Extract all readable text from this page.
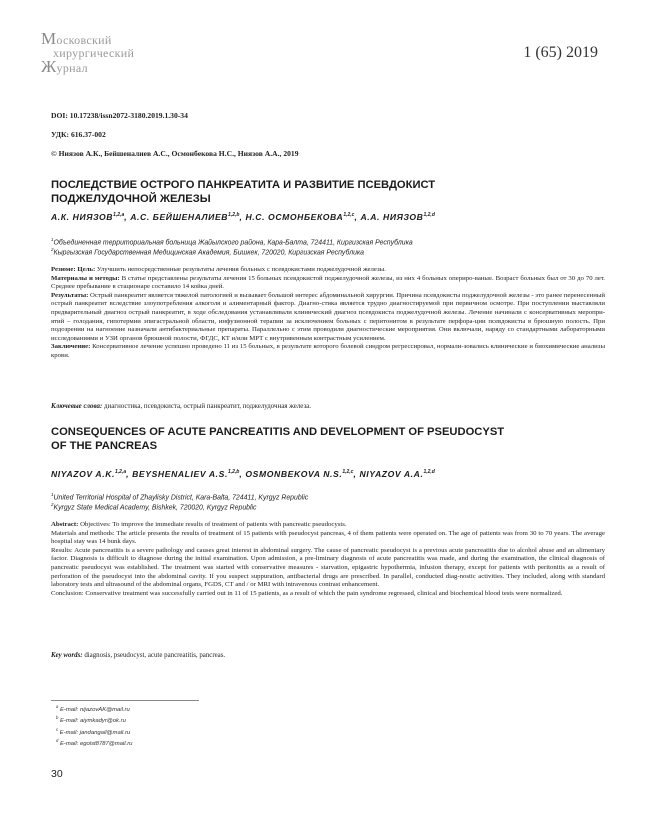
Московский
хирургический
Журнал
1 (65) 2019
DOI: 10.17238/issn2072-3180.2019.1.30-34
УДК: 616.37-002
© Ниязов А.К., Бейшеналиев А.С., Осмонбекова Н.С., Ниязов А.А., 2019
ПОСЛЕДСТВИЕ ОСТРОГО ПАНКРЕАТИТА И РАЗВИТИЕ ПСЕВДОКИСТ
ПОДЖЕЛУДОЧНОЙ ЖЕЛЕЗЫ
А.К. НИЯЗОВ$^{1,2,a}$, А.С. БЕЙШЕНАЛИЕВ$^{1,2,b}$, Н.С. ОСМОНБЕКОВА$^{1,2,c}$, А.А. НИЯЗОВ$^{1,2,d}$
$^1$Объединенная территориальная больница Жайылского района, Кара-Балта, 724411, Киргизская Республика
$^2$Кыргызская Государственная Медицинская Академия, Бишкек, 720020, Киргизская Республика
Резюме: Цель: Улучшить непосредственные результаты лечения больных с псевдокистами поджелудочной железы.
Материалы и методы: В статье представлены результаты лечения 15 больных псевдокистой поджелудочной железы, из них 4 больных опериро-ваные. Возраст больных был от 30 до 70 лет. Среднее пребывание в стационаре составило 14 койка дней.
Результаты: Острый панкреатит является тяжелой патологией и вызывает большой интерес абдоминальной хирургии. Причина псевдокисты поджелудочной железы - это ранее перенесенный острый панкреатит вследствие злоупотребления алкоголя и алиментарный фактор. Диагно-стика является трудно диагностируемой при первичном осмотре. При поступлении выставляли предварительный диагноз острый панкреатит, в ходе обследования устанавливали клинический диагноз псевдокиста поджелудочной железы. Лечение начинали с консервативных меропри-ятий – голодания, гипотермии эпигастральной области, инфузионной терапии за исключением больных с перитонитом в результате перфора-ции псевдокисты в брюшную полость. При подозрении на нагноение назначали антибактериальные препараты. Параллельно с этим проводили диагностические мероприятия. Они включали, наряду со стандартными лабораторными исследованиями и УЗИ органов брюшной полости, ФГДС, КТ и/или МРТ с внутривенным контрастным усилением.
Заключение: Консервативное лечение успешно проведено 11 из 15 больных, в результате которого болевой синдром регрессировал, нормали-зовались клинические и биохимические анализы крови.
Ключевые слова: диагностика, псевдокиста, острый панкреатит, поджелудочная железа.
CONSEQUENCES OF ACUTE PANCREATITIS AND DEVELOPMENT OF PSEUDOCYST
OF THE PANCREAS
NIYAZOV A.K.$^{1,2,a}$, BEYSHENALIEV A.S.$^{1,2,b}$, OSMONBEKOVA N.S.$^{1,2,c}$, NIYAZOV A.A.$^{1,2,d}$
$^1$United Territorial Hospital of Zhaylisky District, Kara-Balta, 724411, Kyrgyz Republic
$^2$Kyrgyz State Medical Academy, Bishkek, 720020, Kyrgyz Republic
Abstract: Objectives: To improve the immediate results of treatment of patients with pancreatic pseudocysts.
Materials and methods: The article presents the results of treatment of 15 patients with pseudocyst pancreas, 4 of them patients were operated on. The age of patients was from 30 to 70 years. The average hospital stay was 14 bunk days.
Results: Acute pancreatitis is a severe pathology and causes great interest in abdominal surgery. The cause of pancreatic pseudocyst is a previous acute pancreatitis due to alcohol abuse and an alimentary factor. Diagnosis is difficult to diagnose during the initial examination. Upon admission, a pre-liminary diagnosis of acute pancreatitis was made, and during the examination, the clinical diagnosis of pancreatic pseudocyst was established. The treatment was started with conservative measures - starvation, epigastric hypothermia, infusion therapy, except for patients with peritonitis as a result of perforation of the pseudocyst into the abdominal cavity. If you suspect suppuration, antibacterial drugs are prescribed. In parallel, conducted diag-nostic activities. They included, along with standard laboratory tests and ultrasound of the abdominal organs, FGDS, CT and / or MRI with intravenous contrast enhancement.
Conclusion: Conservative treatment was successfully carried out in 11 of 15 patients, as a result of which the pain syndrome regressed, clinical and biochemical blood tests were normalized.
Key words: diagnosis, pseudocyst, acute pancreatitis, pancreas.
$^a$ E-mail: nijazovAK@mail.ru
$^b$ E-mail: aiymkadyr@ok.ru
$^c$ E-mail: jandangail@mail.ru
$^d$ E-mail: egoist8787@mail.ru
30
